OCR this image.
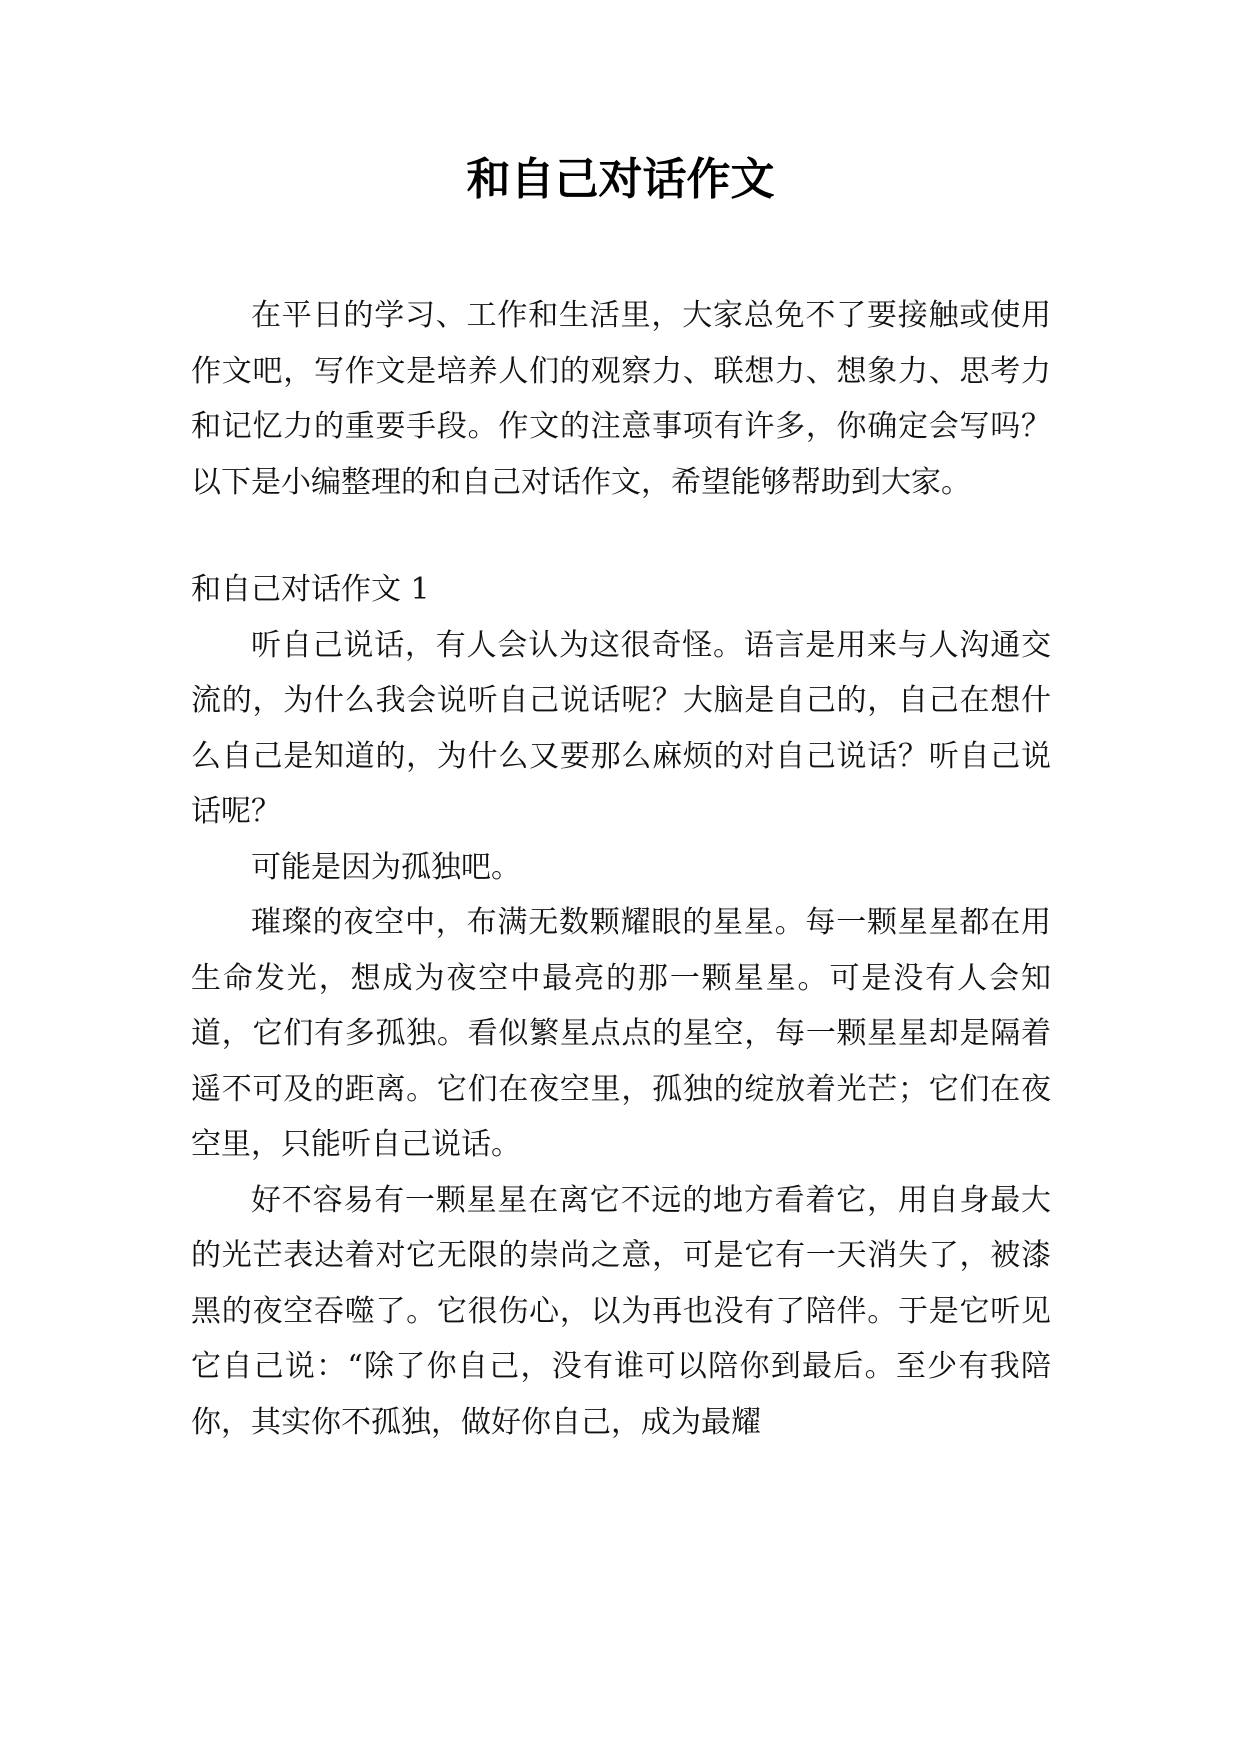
和自己对话作文

在平日的学习、工作和生活里，大家总免不了要接触或使用作文吧，写作文是培养人们的观察力、联想力、想象力、思考力和记忆力的重要手段。作文的注意事项有许多，你确定会写吗？以下是小编整理的和自己对话作文，希望能够帮助到大家。

和自己对话作文 1

听自己说话，有人会认为这很奇怪。语言是用来与人沟通交流的，为什么我会说听自己说话呢？大脑是自己的，自己在想什么自己是知道的，为什么又要那么麻烦的对自己说话？听自己说话呢？

可能是因为孤独吧。

璀璨的夜空中，布满无数颗耀眼的星星。每一颗星星都在用生命发光，想成为夜空中最亮的那一颗星星。可是没有人会知道，它们有多孤独。看似繁星点点的星空，每一颗星星却是隔着遥不可及的距离。它们在夜空里，孤独的绽放着光芒；它们在夜空里，只能听自己说话。

好不容易有一颗星星在离它不远的地方看着它，用自身最大的光芒表达着对它无限的崇尚之意，可是它有一天消失了，被漆黑的夜空吞噬了。它很伤心，以为再也没有了陪伴。于是它听见它自己说：“除了你自己，没有谁可以陪你到最后。至少有我陪你，其实你不孤独，做好你自己，成为最耀
